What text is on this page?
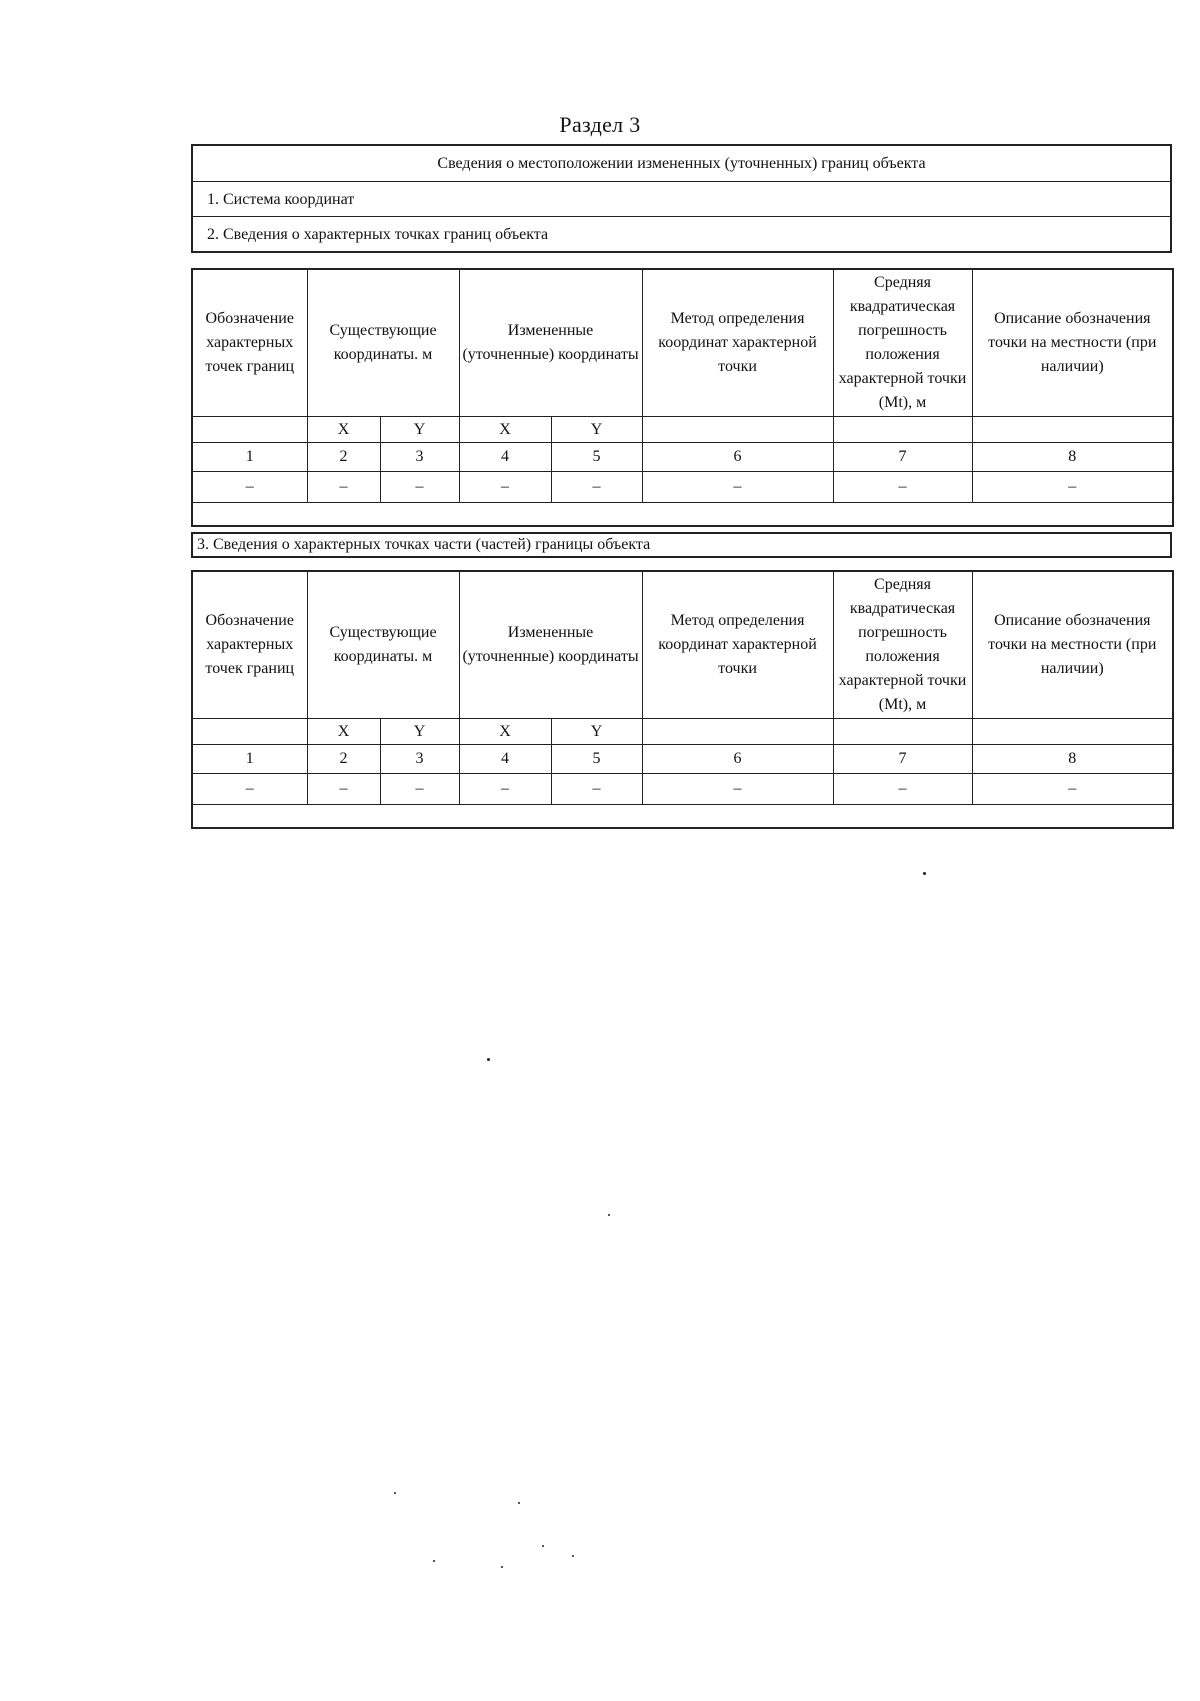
Раздел 3
Сведения о местоположении измененных (уточненных) границ объекта
1. Система координат
2. Сведения о характерных точках границ объекта
Обозначение характерных точек границ	Существующие координаты. м		Измененные (уточненные) координаты		Метод определения координат характерной точки	Средняя квадратическая погрешность положения характерной точки (Mt), м	Описание обозначения точки на местности (при наличии)
	X	Y	X	Y			
1	2	3	4	5	6	7	8
–	–	–	–	–	–	–	–

3. Сведения о характерных точках части (частей) границы объекта
Обозначение характерных точек границ	Существующие координаты. м		Измененные (уточненные) координаты		Метод определения координат характерной точки	Средняя квадратическая погрешность положения характерной точки (Mt), м	Описание обозначения точки на местности (при наличии)
	X	Y	X	Y			
1	2	3	4	5	6	7	8
–	–	–	–	–	–	–	–
